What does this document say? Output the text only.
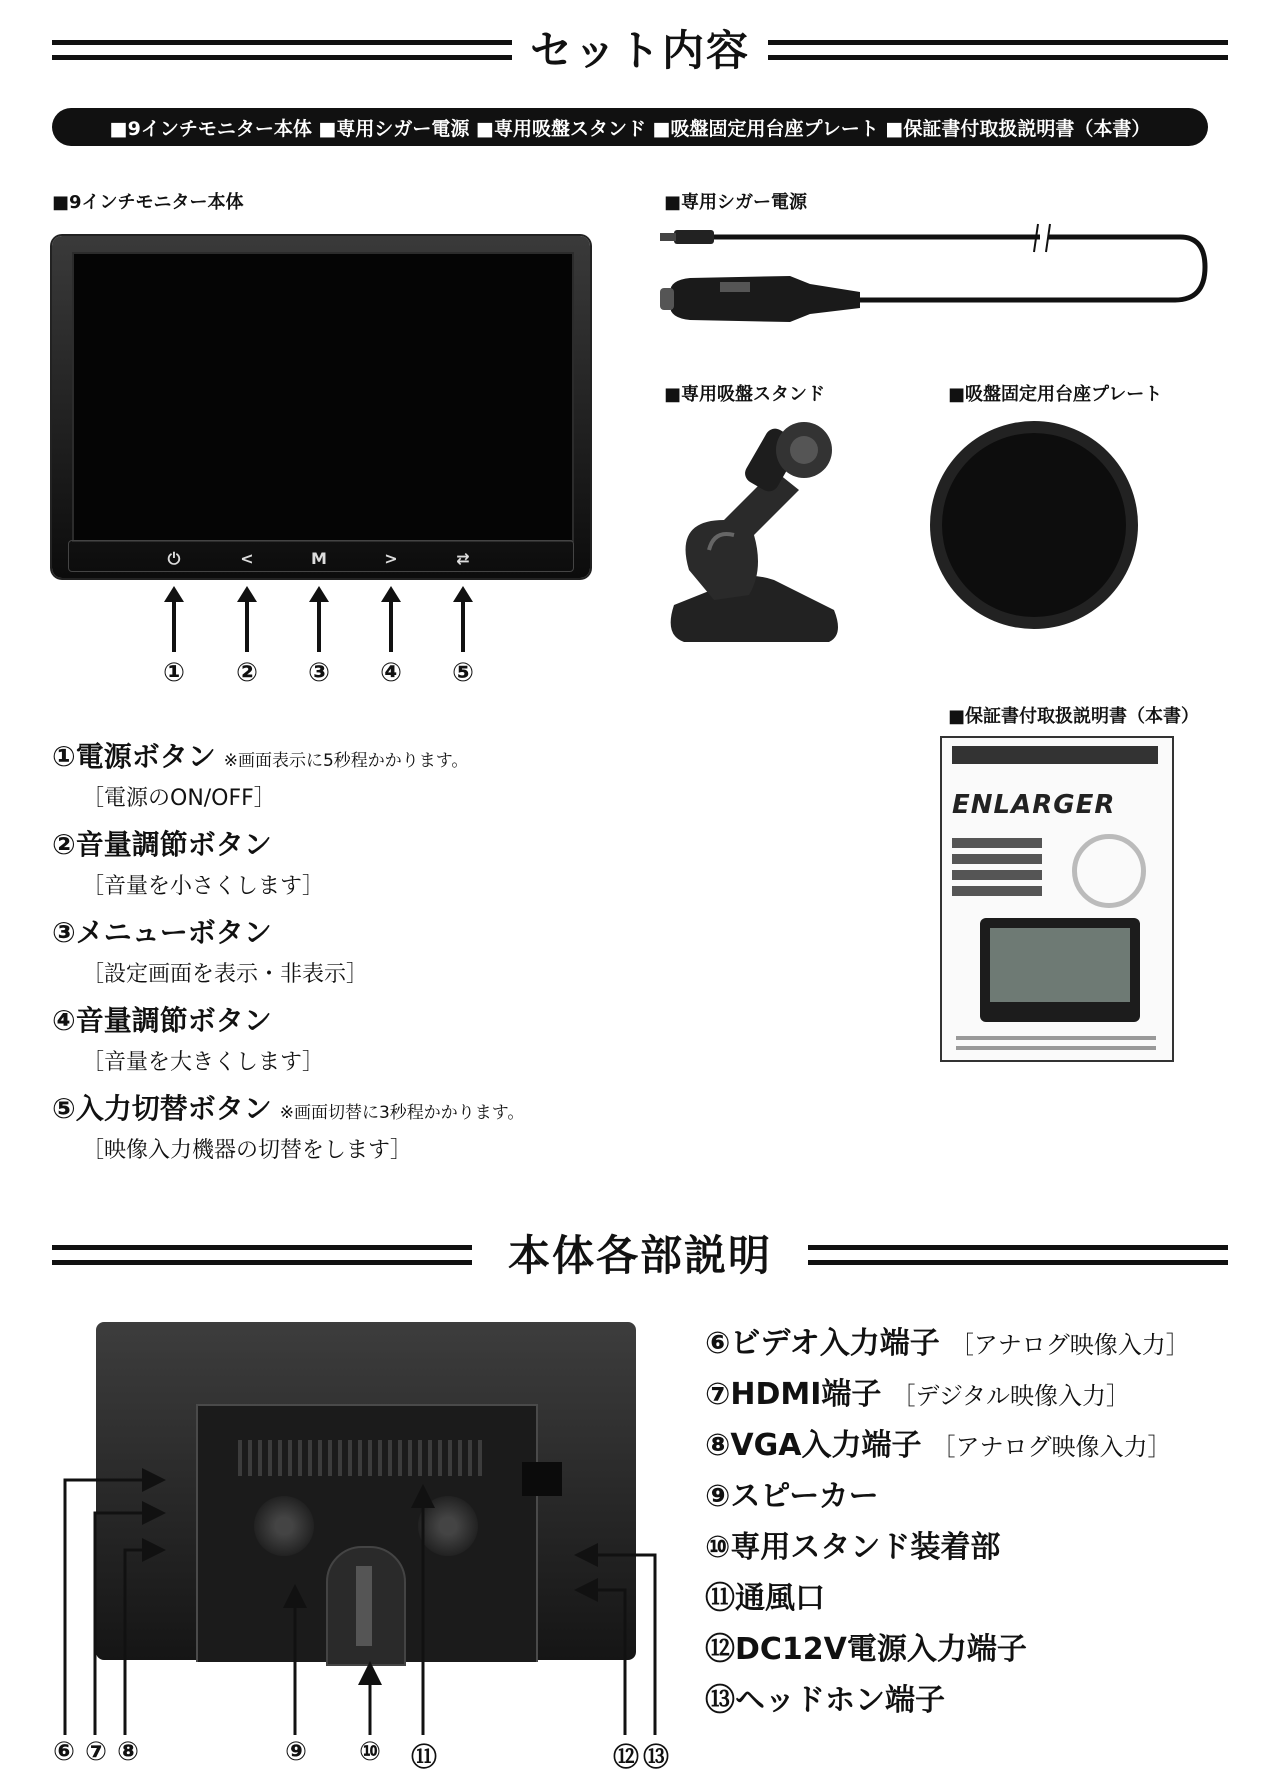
セット内容
■9インチモニター本体 ■専用シガー電源 ■専用吸盤スタンド ■吸盤固定用台座プレート ■保証書付取扱説明書（本書）
■9インチモニター本体	■専用シガー電源
■専用吸盤スタンド	■吸盤固定用台座プレート
■保証書付取扱説明書（本書）
⏻	<	M	>	⇄
①	②	③	④	⑤
①電源ボタン ※画面表示に5秒程かかります。
［電源のON/OFF］
②音量調節ボタン
［音量を小さくします］
③メニューボタン
［設定画面を表示・非表示］
④音量調節ボタン
［音量を大きくします］
⑤入力切替ボタン ※画面切替に3秒程かかります。
［映像入力機器の切替をします］
ENLARGER
本体各部説明
⑥ ⑦ ⑧	⑨	⑩	⑪	⑫ ⑬
⑥ビデオ入力端子 ［アナログ映像入力］
⑦HDMI端子 ［デジタル映像入力］
⑧VGA入力端子 ［アナログ映像入力］
⑨スピーカー
⑩専用スタンド装着部
⑪通風口
⑫DC12V電源入力端子
⑬ヘッドホン端子
